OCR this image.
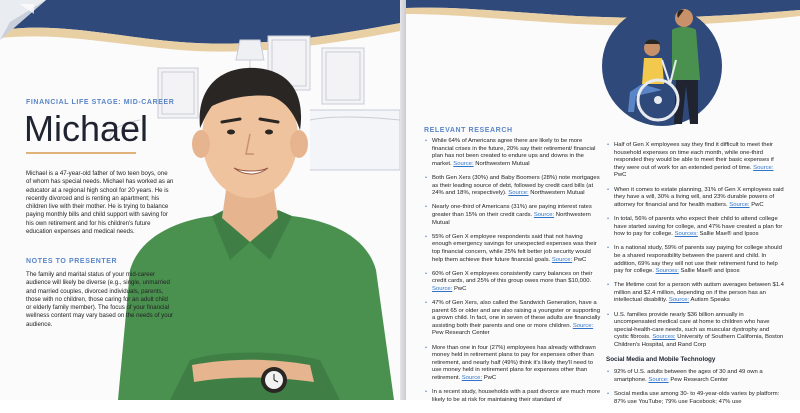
FINANCIAL LIFE STAGE: MID-CAREER
Michael

Michael is a 47-year-old father of two teen boys, one of whom has special needs. Michael has worked as an educator at a regional high school for 20 years. He is recently divorced and is renting an apartment; his children live with their mother. He is trying to balance paying monthly bills and child support with saving for his own retirement and for his children's future education expenses and medical needs.

NOTES TO PRESENTER

The family and marital status of your mid-career audience will likely be diverse (e.g., single, unmarried and married couples, divorced individuals, parents, those with no children, those caring for an adult child or elderly family member). The focus of your financial wellness content may vary based on the needs of your audience.

RELEVANT RESEARCH
• While 64% of Americans agree there are likely to be more financial crises in the future, 20% say their retirement/ financial plan has not been created to endure ups and downs in the market. Source: Northwestern Mutual
• Both Gen Xers (30%) and Baby Boomers (28%) note mortgages as their leading source of debt, followed by credit card bills (at 24% and 18%, respectively). Source: Northwestern Mutual
• Nearly one-third of Americans (31%) are paying interest rates greater than 15% on their credit cards. Source: Northwestern Mutual
• 55% of Gen X employee respondents said that not having enough emergency savings for unexpected expenses was their top financial concern, while 25% felt better job security would help them achieve their future financial goals. Source: PwC
• 60% of Gen X employees consistently carry balances on their credit cards, and 25% of this group owes more than $10,000. Source: PwC
• 47% of Gen Xers, also called the Sandwich Generation, have a parent 65 or older and are also raising a youngster or supporting a grown child. In fact, one in seven of these adults are financially assisting both their parents and one or more children. Source: Pew Research Center
• More than one in four (27%) employees has already withdrawn money held in retirement plans to pay for expenses other than retirement, and nearly half (49%) think it's likely they'll need to use money held in retirement plans for expenses other than retirement. Source: PwC
• In a recent study, households with a past divorce are much more likely to be at risk for maintaining their standard of
• Half of Gen X employees say they find it difficult to meet their household expenses on time each month, while one-third responded they would be able to meet their basic expenses if they were out of work for an extended period of time. Source: PwC
• When it comes to estate planning, 31% of Gen X employees said they have a will, 30% a living will, and 23% durable powers of attorney for financial and for health matters. Source: PwC
• In total, 56% of parents who expect their child to attend college have started saving for college, and 47% have created a plan for how to pay for college. Sources: Sallie Mae® and Ipsos
• In a national study, 59% of parents say paying for college should be a shared responsibility between the parent and child. In addition, 69% say they will not use their retirement fund to help pay for college. Sources: Sallie Mae® and Ipsos
• The lifetime cost for a person with autism averages between $1.4 million and $2.4 million, depending on if the person has an intellectual disability. Source: Autism Speaks
• U.S. families provide nearly $36 billion annually in uncompensated medical care at home to children who have special-health-care needs, such as muscular dystrophy and cystic fibrosis. Sources: University of Southern California, Boston Children's Hospital, and Rand Corp
Social Media and Mobile Technology
• 92% of U.S. adults between the ages of 30 and 49 own a smartphone. Source: Pew Research Center
• Social media use among 30- to 49-year-olds varies by platform: 87% use YouTube; 79% use Facebook; 47% use
